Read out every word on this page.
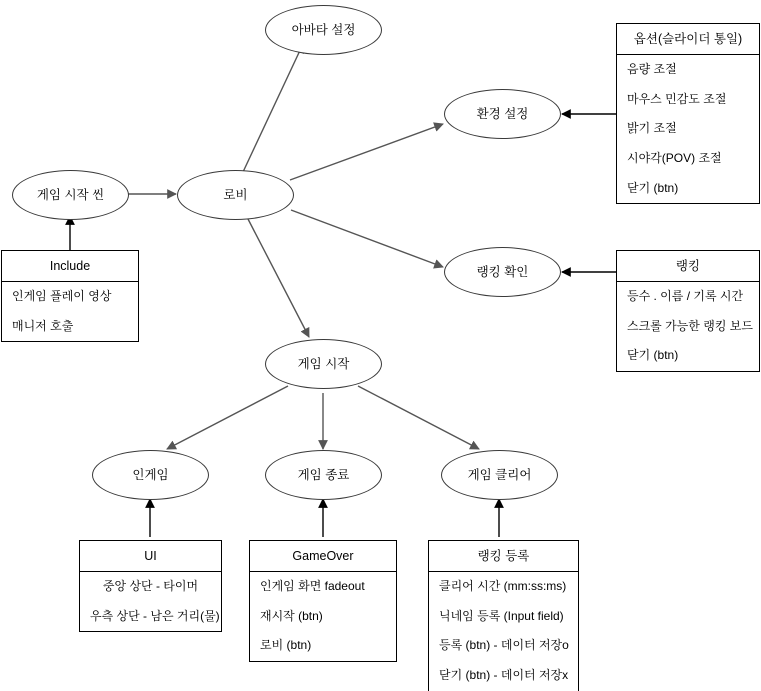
아바타 설정
환경 설정
게임 시작 씬	로비
랭킹 확인
게임 시작
인게임	게임 종료	게임 클리어
옵션(슬라이더 통일)
음량 조절
마우스 민감도 조절
밝기 조절
시야각(POV) 조절
닫기 (btn)
랭킹
등수 . 이름 / 기록 시간
스크롤 가능한 랭킹 보드
닫기 (btn)
Include
인게임 플레이 영상
매니저 호출
UI
중앙 상단 - 타이머
우측 상단 - 남은 거리(물)
GameOver
인게임 화면 fadeout
재시작 (btn)
로비 (btn)
랭킹 등록
클리어 시간 (mm:ss:ms)
닉네임 등록 (Input field)
등록 (btn) - 데이터 저장o
닫기 (btn) - 데이터 저장x
